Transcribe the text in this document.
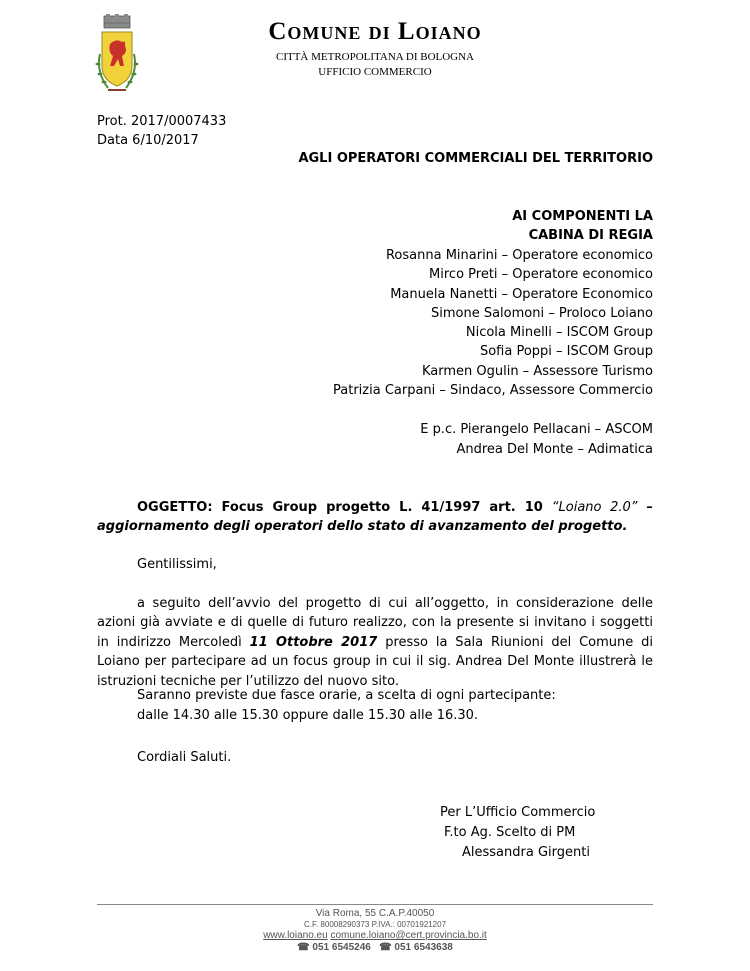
Comune di Loiano
CITTÀ METROPOLITANA DI BOLOGNA
UFFICIO COMMERCIO
Prot. 2017/0007433
Data 6/10/2017
AGLI OPERATORI COMMERCIALI DEL TERRITORIO
AI COMPONENTI LA
CABINA DI REGIA
Rosanna Minarini – Operatore economico
Mirco Preti – Operatore economico
Manuela Nanetti – Operatore Economico
Simone Salomoni – Proloco Loiano
Nicola Minelli – ISCOM Group
Sofia Poppi – ISCOM Group
Karmen Ogulin – Assessore Turismo
Patrizia Carpani – Sindaco, Assessore Commercio
E p.c. Pierangelo Pellacani – ASCOM
Andrea Del Monte – Adimatica
OGGETTO: Focus Group progetto L. 41/1997 art. 10 “Loiano 2.0” – aggiornamento degli operatori dello stato di avanzamento del progetto.
Gentilissimi,
a seguito dell’avvio del progetto di cui all’oggetto, in considerazione delle azioni già avviate e di quelle di futuro realizzo, con la presente si invitano i soggetti in indirizzo Mercoledì 11 Ottobre 2017 presso la Sala Riunioni del Comune di Loiano per partecipare ad un focus group in cui il sig. Andrea Del Monte illustrerà le istruzioni tecniche per l’utilizzo del nuovo sito.
Saranno previste due fasce orarie, a scelta di ogni partecipante:
dalle 14.30 alle 15.30 oppure dalle 15.30 alle 16.30.
Cordiali Saluti.
Per L’Ufficio Commercio
F.to Ag. Scelto di PM
Alessandra Girgenti
Via Roma, 55 C.A.P.40050
C.F. 80008290373 P.IVA.: 00701921207
www.loiano.eu comune.loiano@cert.provincia.bo.it
☎ 051 6545246 ☎ 051 6543638
